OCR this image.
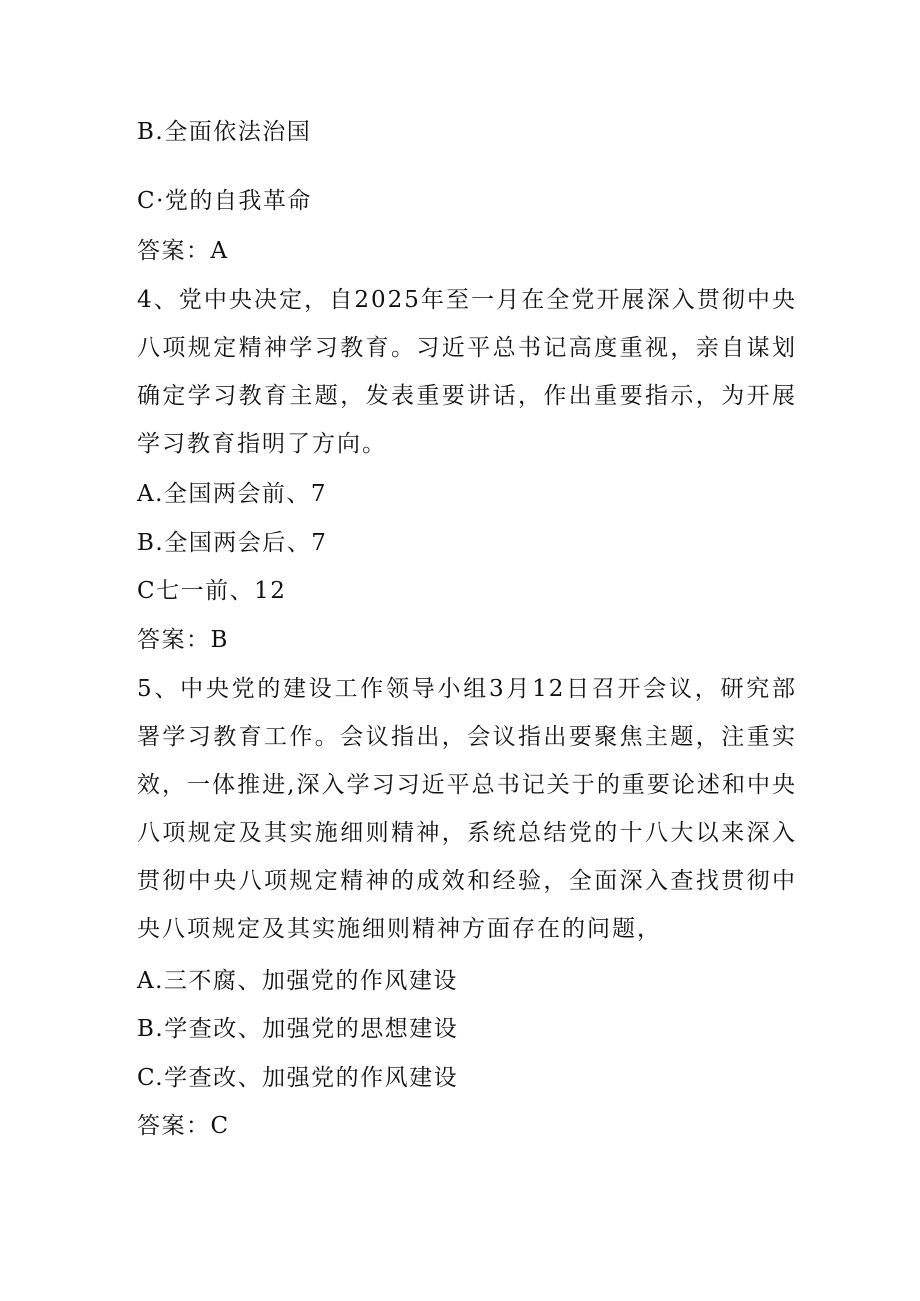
B.全面依法治国
C·党的自我革命
答案：A
4、党中央决定，自2025年至一月在全党开展深入贯彻中央八项规定精神学习教育。习近平总书记高度重视，亲自谋划确定学习教育主题，发表重要讲话，作出重要指示，为开展学习教育指明了方向。
A.全国两会前、7
B.全国两会后、7
C七一前、12
答案：B
5、中央党的建设工作领导小组3月12日召开会议，研究部署学习教育工作。会议指出，会议指出要聚焦主题，注重实效，一体推进,深入学习习近平总书记关于的重要论述和中央八项规定及其实施细则精神，系统总结党的十八大以来深入贯彻中央八项规定精神的成效和经验，全面深入查找贯彻中央八项规定及其实施细则精神方面存在的问题，
A.三不腐、加强党的作风建设
B.学查改、加强党的思想建设
C.学查改、加强党的作风建设
答案：C
